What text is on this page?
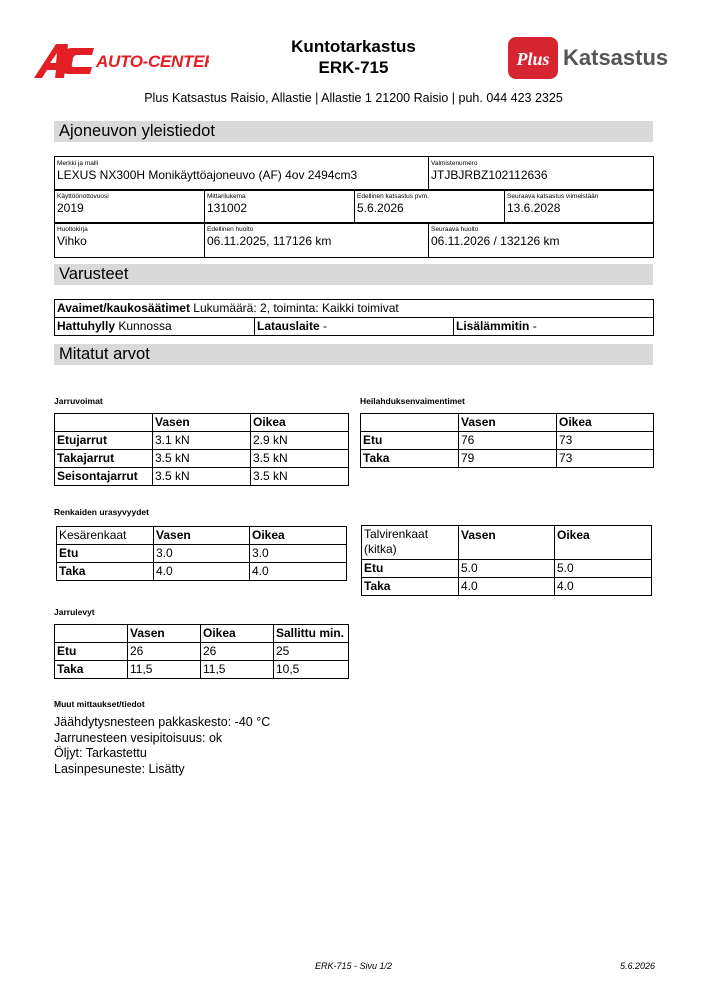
AUTO-CENTER
Kuntotarkastus
ERK-715	Plus Katsastus
Plus Katsastus Raisio, Allastie | Allastie 1 21200 Raisio | puh. 044 423 2325
Ajoneuvon yleistiedot
Merkki ja malli
LEXUS NX300H Monikäyttöajoneuvo (AF) 4ov 2494cm3

Valmistenumero
JTJBJRBZ102112636
Käyttöönottovuosi
2019

Mittarilukema
131002

Edellinen katsastus pvm.
5.6.2026

Seuraava katsastus viimeistään
13.6.2028
Huoltokirja
Vihko

Edellinen huolto
06.11.2025, 117126 km

Seuraava huolto
06.11.2026 / 132126 km
Varusteet
Avaimet/kaukosäätimet Lukumäärä: 2, toiminta: Kaikki toimivat
Hattuhylly Kunnossa	Latauslaite -	Lisälämmitin -
Mitatut arvot
Jarruvoimat
	Vasen	Oikea
Etujarrut	3.1 kN	2.9 kN
Takajarrut	3.5 kN	3.5 kN
Seisontajarrut	3.5 kN	3.5 kN
Heilahduksenvaimentimet
	Vasen	Oikea
Etu	76	73
Taka	79	73
Renkaiden urasyvyydet
Kesärenkaat	Vasen	Oikea
Etu	3.0	3.0
Taka	4.0	4.0
Talvirenkaat
(kitka)	Vasen	Oikea
Etu	5.0	5.0
Taka	4.0	4.0
Jarrulevyt
	Vasen	Oikea	Sallittu min.
Etu	26	26	25
Taka	11,5	11,5	10,5
Muut mittaukset/tiedot
Jäähdytysnesteen pakkaskesto: -40 °C
Jarrunesteen vesipitoisuus: ok
Öljyt: Tarkastettu
Lasinpesuneste: Lisätty
ERK-715 - Sivu 1/2	5.6.2026
